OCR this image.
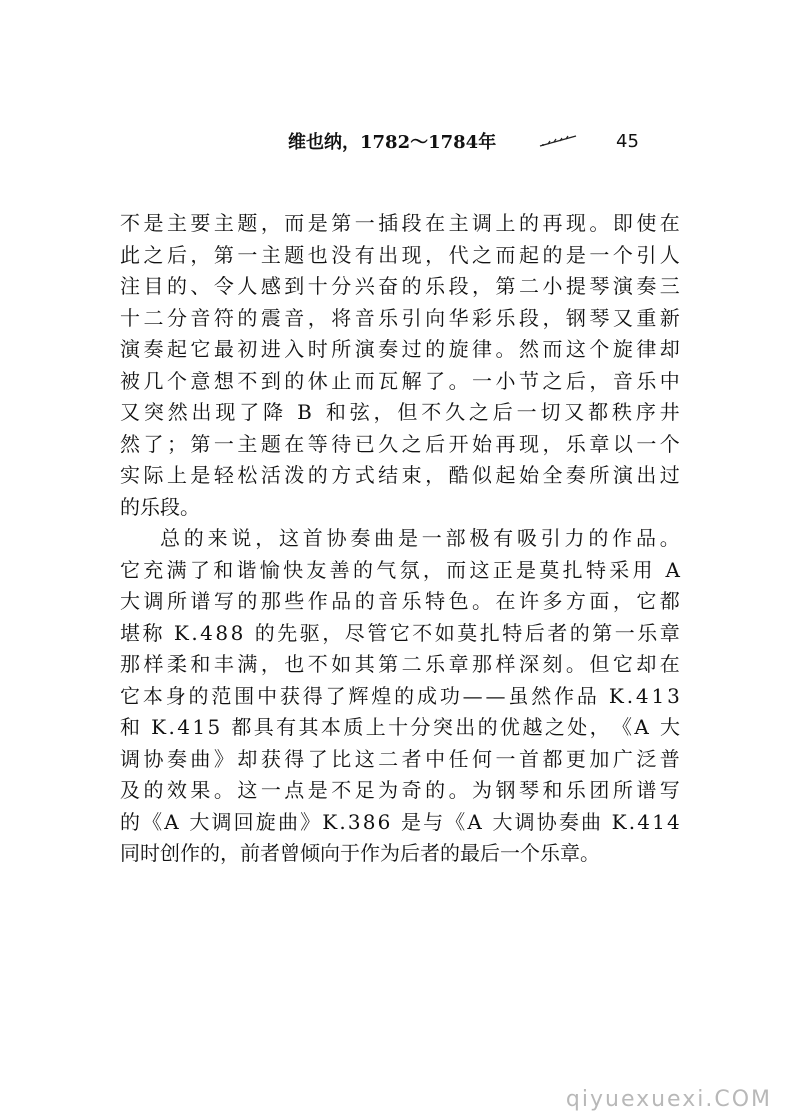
维也纳，1782～1784年	45
不 是 主 要 主 题 ， 而 是 第 一 插 段 在 主 调 上 的 再 现 。 即 使 在
此 之 后 ， 第 一 主 题 也 没 有 出 现 ， 代 之 而 起 的 是 一 个 引 人
注 目 的 、 令 人 感 到 十 分 兴 奋 的 乐 段 ， 第 二 小 提 琴 演 奏 三
十 二 分 音 符 的 震 音 ， 将 音 乐 引 向 华 彩 乐 段 ， 钢 琴 又 重 新
演 奏 起 它 最 初 进 入 时 所 演 奏 过 的 旋 律 。 然 而 这 个 旋 律 却
被 几 个 意 想 不 到 的 休 止 而 瓦 解 了 。 一 小 节 之 后 ， 音 乐 中
又 突 然 出 现 了 降
B
和 弦 ， 但 不 久 之 后 一 切 又 都 秩 序 井
然 了 ； 第 一 主 题 在 等 待 已 久 之 后 开 始 再 现 ， 乐 章 以 一 个
实 际 上 是 轻 松 活 泼 的 方 式 结 束 ， 酷 似 起 始 全 奏 所 演 出 过
的乐段。
总 的 来 说 ， 这 首 协 奏 曲 是 一 部 极 有 吸 引 力 的 作 品 。
它 充 满 了 和 谐 愉 快 友 善 的 气 氛 ， 而 这 正 是 莫 扎 特 采 用
A
大 调 所 谱 写 的 那 些 作 品 的 音 乐 特 色 。 在 许 多 方 面 ， 它 都
堪 称
K . 4 8 8
的 先 驱 ， 尽 管 它 不 如 莫 扎 特 后 者 的 第 一 乐 章
那 样 柔 和 丰 满 ， 也 不 如 其 第 二 乐 章 那 样 深 刻 。 但 它 却 在
它 本 身 的 范 围 中 获 得 了 辉 煌 的 成 功 — — 虽 然 作 品
K . 4 1 3
和
K . 4 1 5
都 具 有 其 本 质 上 十 分 突 出 的 优 越 之 处 ， 《 A
大
调 协 奏 曲 》 却 获 得 了 比 这 二 者 中 任 何 一 首 都 更 加 广 泛 普
及 的 效 果 。 这 一 点 是 不 足 为 奇 的 。 为 钢 琴 和 乐 团 所 谱 写
的 《 A
大 调 回 旋 曲 》 K . 3 8 6
是 与 《 A
大 调 协 奏 曲
K . 4 1 4
同时创作的，前者曾倾向于作为后者的最后一个乐章。
qiyuexuexi.COM
